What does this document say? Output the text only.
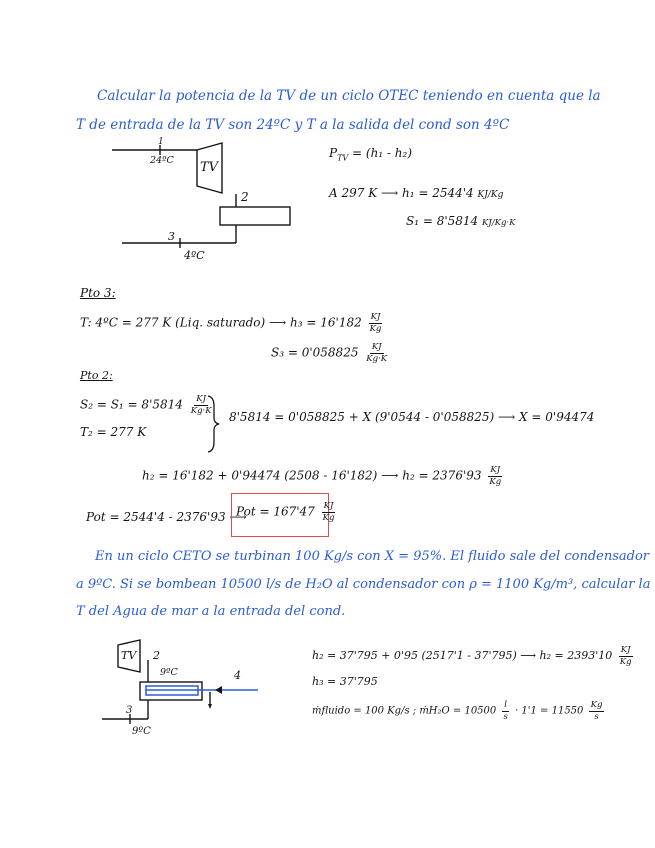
Calcular la potencia de la TV de un ciclo OTEC teniendo en cuenta que la
T de entrada de la TV son 24ºC y T a la salida del cond son 4ºC
TV
1
24ºC
2
3
4ºC
$P_{TV} = (h_1 - h_2)$
A 297 K ⟶ h₁ = 2544'4 KJ/Kg
S₁ = 8'5814 KJ/Kg·K
Pto 3:
T: 4ºC = 277 K (Liq. saturado) ⟶ $h_3 = 16'182 \frac{KJ}{Kg}$
$S_3 = 0'058825 \frac{KJ}{Kg\cdot K}$
Pto 2:
$S_2 = S_1 = 8'5814 \frac{KJ}{Kg\cdot K}$
T₂ = 277 K
8'5814 = 0'058825 + X (9'0544 - 0'058825) ⟶ X = 0'94474
h₂ = 16'182 + 0'94474 (2508 - 16'182) ⟶ $h_2 = 2376'93 \frac{KJ}{Kg}$
Pot = 2544'4 - 2376'93 ⟶
Pot = $167'47 \frac{KJ}{Kg}$
En un ciclo CETO se turbinan 100 Kg/s con X = 95%. El fluido sale del condensador
a 9ºC. Si se bombean 10500 l/s de H₂O al condensador con ρ = 1100 Kg/m³, calcular la
T del Agua de mar a la entrada del cond.
TV 2
9ºC	4
3
9ºC
h₂ = 37'795 + 0'95 (2517'1 - 37'795) ⟶ $h_2 = 2393'10 \frac{KJ}{Kg}$
h₃ = 37'795
ṁfluido = 100 Kg/s ; ṁH₂O = $10500 \frac{l}{s} \cdot 1'1 = 11550 \frac{Kg}{s}$
